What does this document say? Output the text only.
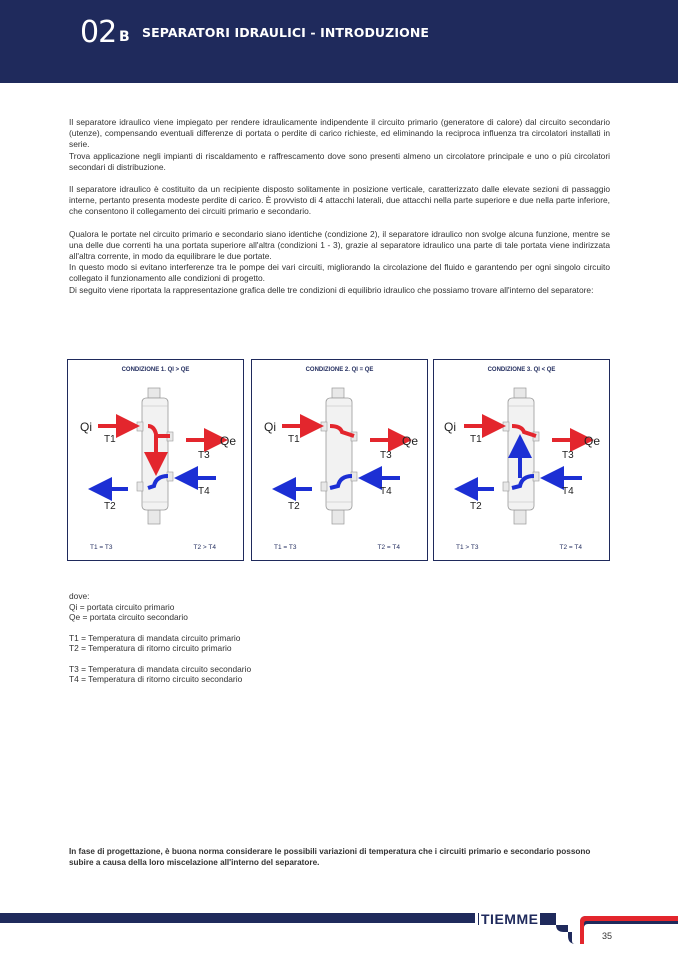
02 B SEPARATORI IDRAULICI - INTRODUZIONE

Il separatore idraulico viene impiegato per rendere idraulicamente indipendente il circuito primario (generatore di calore) dal circuito secondario (utenze), compensando eventuali differenze di portata o perdite di carico richieste, ed eliminando la reciproca influenza tra circolatori installati in serie.

Trova applicazione negli impianti di riscaldamento e raffrescamento dove sono presenti almeno un circolatore principale e uno o più circolatori secondari di distribuzione.

Il separatore idraulico è costituito da un recipiente disposto solitamente in posizione verticale, caratterizzato dalle elevate sezioni di passaggio interne, pertanto presenta modeste perdite di carico. È provvisto di 4 attacchi laterali, due attacchi nella parte superiore e due nella parte inferiore, che consentono il collegamento dei circuiti primario e secondario.

Qualora le portate nel circuito primario e secondario siano identiche (condizione 2), il separatore idraulico non svolge alcuna funzione, mentre se una delle due correnti ha una portata superiore all'altra (condizioni 1 - 3), grazie al separatore idraulico una parte di tale portata viene indirizzata all'altra corrente, in modo da equilibrare le due portate.

In questo modo si evitano interferenze tra le pompe dei vari circuiti, migliorando la circolazione del fluido e garantendo per ogni singolo circuito collegato il funzionamento alle condizioni di progetto.

Di seguito viene riportata la rappresentazione grafica delle tre condizioni di equilibrio idraulico che possiamo trovare all'interno del separatore:

CONDIZIONE 1. QI > QE
Qi
T1	Qe
T3
T4
T2
T1 = T3	T2 > T4
CONDIZIONE 2. QI = QE
Qi
T1	Qe
T3
T4
T2
T1 = T3	T2 = T4
CONDIZIONE 3. QI < QE
Qi
T1	Qe
T3
T4
T2
T1 > T3	T2 = T4
dove:
Qi = portata circuito primario
Qe = portata circuito secondario
T1 = Temperatura di mandata circuito primario
T2 = Temperatura di ritorno circuito primario
T3 = Temperatura di mandata circuito secondario
T4 = Temperatura di ritorno circuito secondario
In fase di progettazione, è buona norma considerare le possibili variazioni di temperatura che i circuiti primario e secondario possono subire a causa della loro miscelazione all'interno del separatore.
TIEMME
35
